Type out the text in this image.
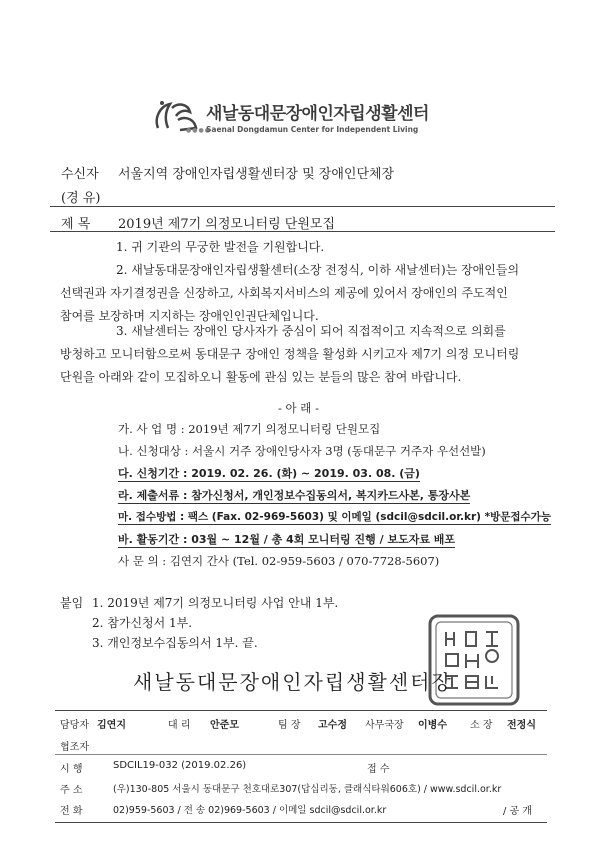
새날동대문장애인자립생활센터
●●●●
Saenal Dongdamun Center for Independent Living
수신자 서울지역 장애인자립생활센터장 및 장애인단체장
(경 유)
제 목 2019년 제7기 의정모니터링 단원모집
1. 귀 기관의 무궁한 발전을 기원합니다.
2. 새날동대문장애인자립생활센터(소장 전정식, 이하 새날센터)는 장애인들의
선택권과 자기결정권을 신장하고, 사회복지서비스의 제공에 있어서 장애인의 주도적인
참여를 보장하며 지지하는 장애인인권단체입니다.
3. 새날센터는 장애인 당사자가 중심이 되어 직접적이고 지속적으로 의회를
방청하고 모니터함으로써 동대문구 장애인 정책을 활성화 시키고자 제7기 의정 모니터링
단원을 아래와 같이 모집하오니 활동에 관심 있는 분들의 많은 참여 바랍니다.
- 아 래 -
가. 사 업 명 : 2019년 제7기 의정모니터링 단원모집
나. 신청대상 : 서울시 거주 장애인당사자 3명 (동대문구 거주자 우선선발)
다. 신청기간 : 2019. 02. 26. (화) ~ 2019. 03. 08. (금)
라. 제출서류 : 참가신청서, 개인정보수집동의서, 복지카드사본, 통장사본
마. 접수방법 : 팩스 (Fax. 02-969-5603) 및 이메일 (sdcil@sdcil.or.kr) *방문접수가능
바. 활동기간 : 03월 ~ 12월 / 총 4회 모니터링 진행 / 보도자료 배포
사 문 의 : 김연지 간사 (Tel. 02-959-5603 / 070-7728-5607)
붙임 1. 2019년 제7기 의정모니터링 사업 안내 1부.
2. 참가신청서 1부.
3. 개인정보수집동의서 1부. 끝.
새날동대문장애인자립생활센터장
담당자 김연지	대 리 안준모	팀 장 고수정 사무국장 이병수 소 장 전정식
협조자
시 행	SDCIL19-032 (2019.02.26)	접 수
주 소	(우)130-805 서울시 동대문구 천호대로307(답십리동, 클래식타워606호) / www.sdcil.or.kr
전 화	02)959-5603 / 전 송 02)969-5603 / 이메일 sdcil@sdcil.or.kr	/ 공 개
